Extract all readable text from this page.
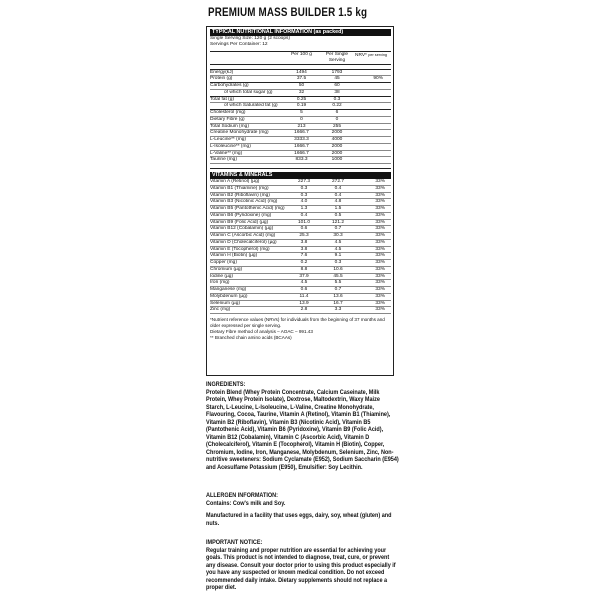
PREMIUM MASS BUILDER 1.5 kg
TYPICAL NUTRITIONAL INFORMATION (as packed)
Single Serving Size: 120 g (2 scoops)
Servings Per Container: 12
Per 100 g	Per Single Serving
NRV* per serving
Energy(kJ)	1494	1793
Protein (g)	37.5	45	90%
Carbohydrates (g)	50	60
of which total sugar (g)	32	38
Total fat (g)	0.25	0.3
of which Saturated fat (g)	0.19	0.22
Cholesterol (mg)	5	6
Dietary Fibre (g)	0	0
Total Sodium (mg)	213	255
Creatine Monohydrate (mg)	1666.7	2000
L-Leucine** (mg)	3333.3	4000
L-Isoleucine** (mg)	1666.7	2000
L-Valine** (mg)	1666.7	2000
Taurine (mg)	833.3	1000
VITAMINS & MINERALS
Vitamin A (Retinol) (µg)	227.3	272.7	33%
Vitamin B1 (Thiamine) (mg)	0.3	0.4	33%
Vitamin B2 (Riboflavin) (mg)	0.3	0.4	33%
Vitamin B3 (Nicotinic Acid) (mg)	4.0	4.8	33%
Vitamin B5 (Pantothenic Acid) (mg)	1.3	1.5	33%
Vitamin B6 (Pyridoxine) (mg)	0.4	0.5	33%
Vitamin B9 (Folic Acid) (µg)	101.0	121.2	33%
Vitamin B12 (Cobalamin) (µg)	0.6	0.7	33%
Vitamin C (Ascorbic Acid) (mg)	25.3	30.3	33%
Vitamin D (Cholecalciferol) (µg)	3.8	4.5	33%
Vitamin E (Tocopherol) (mg)	3.8	4.5	33%
Vitamin H (Biotin) (µg)	7.6	9.1	33%
Copper (mg)	0.2	0.3	33%
Chromium (µg)	8.8	10.6	33%
Iodine (µg)	37.9	45.5	33%
Iron (mg)	4.5	5.5	33%
Manganese (mg)	0.6	0.7	33%
Molybdenum (µg)	11.4	13.6	33%
Selenium (µg)	13.9	16.7	33%
Zinc (mg)	2.8	3.3	33%
*Nutrient reference values (NRVs) for individuals from the beginning of 37 months and older expressed per single serving.
Dietary Fibre method of analysis – AOAC – 991.43
** Branched chain amino acids (BCAAs)
INGREDIENTS:
Protein Blend (Whey Protein Concentrate, Calcium Caseinate, Milk Protein, Whey Protein Isolate), Dextrose, Maltodextrin, Waxy Maize Starch, L-Leucine, L-Isoleucine, L-Valine, Creatine Monohydrate, Flavouring, Cocoa, Taurine, Vitamin A (Retinol), Vitamin B1 (Thiamine), Vitamin B2 (Riboflavin), Vitamin B3 (Nicotinic Acid), Vitamin B5 (Pantothenic Acid), Vitamin B6 (Pyridoxine), Vitamin B9 (Folic Acid), Vitamin B12 (Cobalamin), Vitamin C (Ascorbic Acid), Vitamin D (Cholecalciferol), Vitamin E (Tocopherol), Vitamin H (Biotin), Copper, Chromium, Iodine, Iron, Manganese, Molybdenum, Selenium, Zinc, Non-nutritive sweeteners: Sodium Cyclamate (E952), Sodium Saccharin (E954) and Acesulfame Potassium (E950), Emulsifier: Soy Lecithin.
ALLERGEN INFORMATION:
Contains: Cow's milk and Soy.
Manufactured in a facility that uses eggs, dairy, soy, wheat (gluten) and nuts.
IMPORTANT NOTICE:
Regular training and proper nutrition are essential for achieving your goals. This product is not intended to diagnose, treat, cure, or prevent any disease. Consult your doctor prior to using this product especially if you have any suspected or known medical condition. Do not exceed recommended daily intake. Dietary supplements should not replace a proper diet.
